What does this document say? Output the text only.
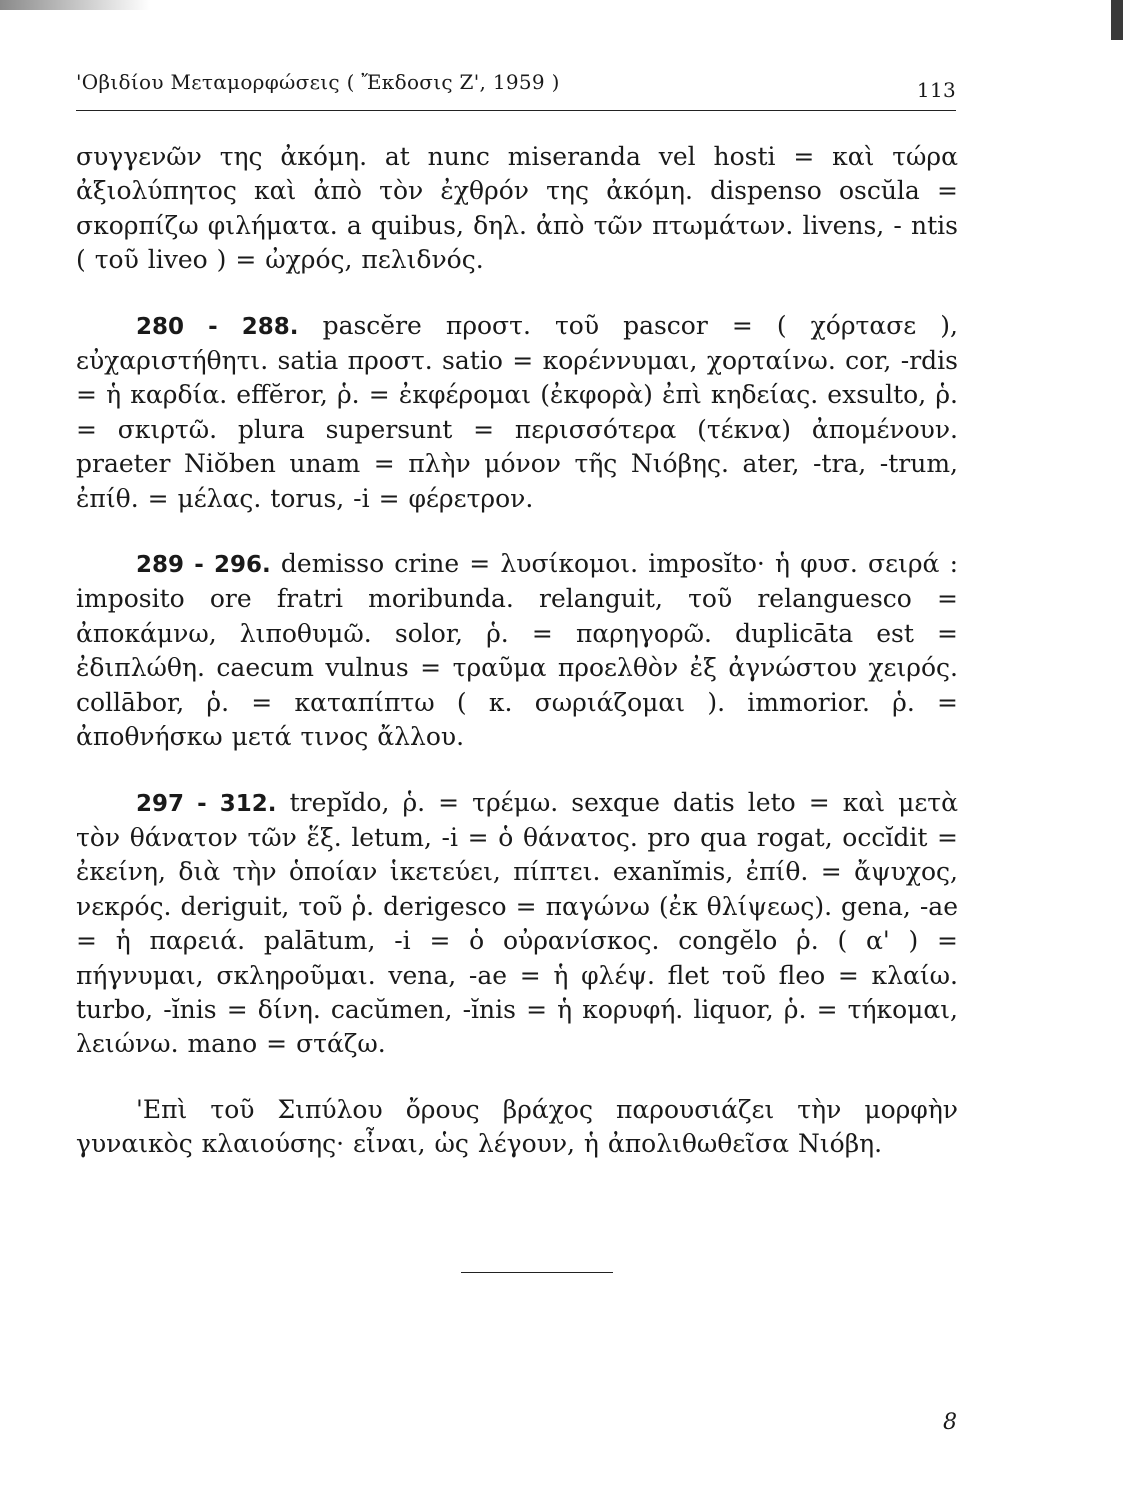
'Οβιδίου Μεταμορφώσεις ( Ἔκδοσις Ζ', 1959 )	113

συγγενῶν της ἀκόμη. at nunc miseranda vel hosti = καὶ τώρα ἀξιολύπητος καὶ ἀπὸ τὸν ἐχθρόν της ἀκόμη. dispenso oscŭla = σκορπίζω φιλήματα. a quibus, δηλ. ἀπὸ τῶν πτωμάτων. livens, - ntis ( τοῦ liveo ) = ὠχρός, πελιδνός.

280 - 288. pascĕre προστ. τοῦ pascor = ( χόρτασε ), εὐχαριστήθητι. satia προστ. satio = κορέννυμαι, χορταίνω. cor, -rdis = ἡ καρδία. effĕror, ῥ. = ἐκφέρομαι (ἐκφορὰ) ἐπὶ κηδείας. exsulto, ῥ. = σκιρτῶ. plura supersunt = περισσότερα (τέκνα) ἀπομένουν. praeter Niŏben unam = πλὴν μόνον τῆς Νιόβης. ater, -tra, -trum, ἐπίθ. = μέλας. torus, -i = φέρετρον.

289 - 296. demisso crine = λυσίκομοι. imposĭto· ἡ φυσ. σειρά : imposito ore fratri moribunda. relanguit, τοῦ relanguesco = ἀποκάμνω, λιποθυμῶ. solor, ῥ. = παρηγορῶ. duplicāta est = ἐδιπλώθη. caecum vulnus = τραῦμα προελθὸν ἐξ ἀγνώστου χειρός. collābor, ῥ. = καταπίπτω ( κ. σωριάζομαι ). immorior. ῥ. = ἀποθνήσκω μετά τινος ἄλλου.

297 - 312. trepĭdo, ῥ. = τρέμω. sexque datis leto = καὶ μετὰ τὸν θάνατον τῶν ἕξ. letum, -i = ὁ θάνατος. pro qua rogat, occĭdit = ἐκείνη, διὰ τὴν ὁποίαν ἱκετεύει, πίπτει. exanĭmis, ἐπίθ. = ἄψυχος, νεκρός. deriguit, τοῦ ῥ. derigesco = παγώνω (ἐκ θλίψεως). gena, -ae = ἡ παρειά. palātum, -i = ὁ οὐρανίσκος. congĕlo ῥ. ( α' ) = πήγνυμαι, σκληροῦμαι. vena, -ae = ἡ φλέψ. flet τοῦ fleo = κλαίω. turbo, -ĭnis = δίνη. cacŭmen, -ĭnis = ἡ κορυφή. liquor, ῥ. = τήκομαι, λειώνω. mano = στάζω.

'Επὶ τοῦ Σιπύλου ὄρους βράχος παρουσιάζει τὴν μορφὴν γυναικὸς κλαιούσης· εἶναι, ὡς λέγουν, ἡ ἀπολιθωθεῖσα Νιόβη.

8
